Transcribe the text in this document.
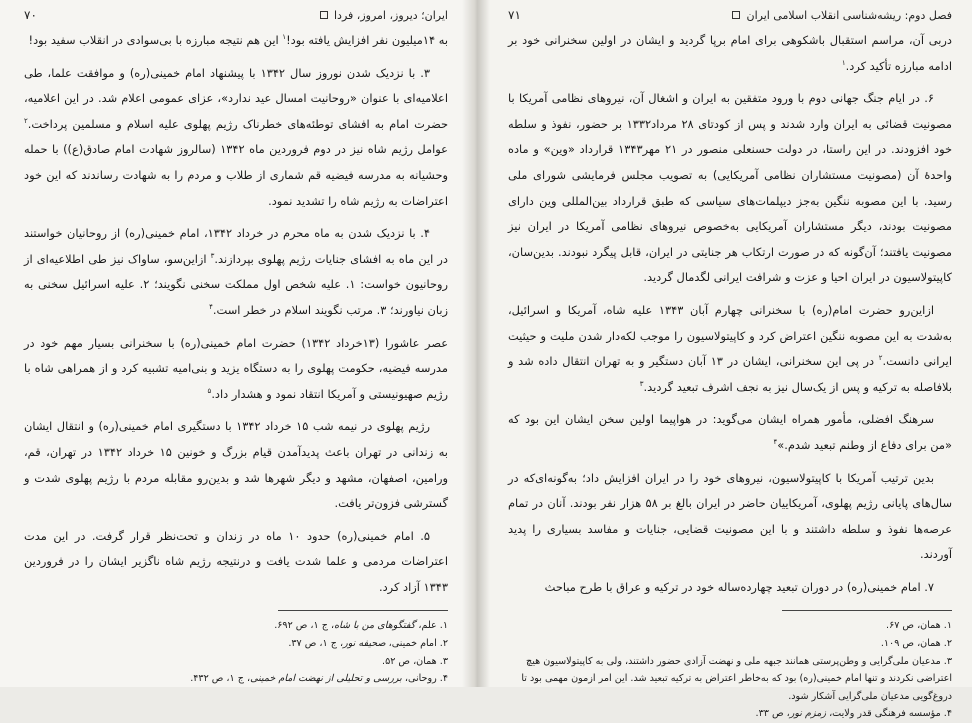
ایران؛ دیروز، امروز، فردا
۷۰

به ۱۴میلیون نفر افزایش یافته بود!$^۱$ این هم نتیجه مبارزه با بی‌سوادی در انقلاب سفید بود!

۳. با نزدیک شدن نوروز سال ۱۳۴۲ با پیشنهاد امام خمینی‌(ره) و موافقت علما، طی اعلامیه‌ای با عنوان «روحانیت امسال عید ندارد»، عزای عمومی اعلام شد. در این اعلامیه، حضرت امام به افشای توطئه‌های خطرناک رژیم پهلوی علیه اسلام و مسلمین پرداخت.$^۲$ عوامل رژیم شاه نیز در دوم فروردین ماه ۱۳۴۲ (سالروز شهادت امام صادق(ع)) با حمله وحشیانه به مدرسه فیضیه قم شماری از طلاب و مردم را به شهادت رساندند که این خود اعتراضات به رژیم شاه را تشدید نمود.

۴. با نزدیک شدن به ماه محرم در خرداد ۱۳۴۲، امام خمینی‌(ره) از روحانیان خواستند در این ماه به افشای جنایات رژیم پهلوی بپردازند.$^۳$ ازاین‌سو، ساواک نیز طی اطلاعیه‌ای از روحانیون خواست: ۱. علیه شخص اول مملکت سخنی نگویند؛ ۲. علیه اسرائیل سخنی به زبان نیاورند؛ ۳. مرتب نگویند اسلام در خطر است.$^۴$

عصر عاشورا (۱۳خرداد ۱۳۴۲) حضرت امام خمینی‌(ره) با سخنرانی بسیار مهم خود در مدرسه فیضیه، حکومت پهلوی را به دستگاه یزید و بنی‌امیه تشبیه کرد و از همراهی شاه با رژیم صهیونیستی و آمریکا انتقاد نمود و هشدار داد.$^۵$

رژیم پهلوی در نیمه شب ۱۵ خرداد ۱۳۴۲ با دستگیری امام خمینی‌(ره) و انتقال ایشان به زندانی در تهران باعث پدیدآمدن قیام بزرگ و خونین ۱۵ خرداد ۱۳۴۲ در تهران، قم، ورامین، اصفهان، مشهد و دیگر شهرها شد و بدین‌رو مقابله مردم با رژیم پهلوی شدت و گسترشی فزون‌تر یافت.

۵. امام خمینی‌(ره) حدود ۱۰ ماه در زندان و تحت‌نظر قرار گرفت. در این مدت اعتراضات مردمی و علما شدت یافت و درنتیجه رژیم شاه ناگزیر ایشان را در فروردین ۱۳۴۳ آزاد کرد.

۱. علم، گفتگوهای من با شاه، ج ۱، ص ۶۹۲.

۲. امام خمینی، صحیفه نور، ج ۱، ص ۳۷.

۳. همان، ص ۵۲.

۴. روحانی، بررسی و تحلیلی از نهضت امام خمینی، ج ۱، ص ۴۳۲.

فصل دوم: ریشه‌شناسی انقلاب اسلامی ایران
۷۱

دربی آن، مراسم استقبال باشکوهی برای امام برپا گردید و ایشان در اولین سخنرانی خود بر ادامه مبارزه تأکید کرد.$^۱$

۶. در ایام جنگ جهانی دوم با ورود متفقین به ایران و اشغال آن، نیروهای نظامی آمریکا با مصونیت قضائی به ایران وارد شدند و پس از کودتای ۲۸ مرداد۱۳۳۲ بر حضور، نفوذ و سلطه خود افزودند. در این راستا، در دولت حسنعلی منصور در ۲۱ مهر۱۳۴۳ قرارداد «وین» و ماده واحدهٔ آن (مصونیت مستشاران نظامی آمریکایی) به تصویب مجلس فرمایشی شورای ملی رسید. با این مصوبه ننگین به‌جز دیپلمات‌های سیاسی که طبق قرارداد بین‌المللی وین دارای مصونیت بودند، دیگر مستشاران آمریکایی به‌خصوص نیروهای نظامی آمریکا در ایران نیز مصونیت یافتند؛ آن‌گونه که در صورت ارتکاب هر جنایتی در ایران، قابل پیگرد نبودند. بدین‌سان، کاپیتولاسیون در ایران احیا و عزت و شرافت ایرانی لگدمال گردید.

ازاین‌رو حضرت امام(ره) با سخنرانی چهارم آبان ۱۳۴۳ علیه شاه، آمریکا و اسرائیل، به‌شدت به این مصوبه ننگین اعتراض کرد و کاپیتولاسیون را موجب لکه‌دار شدن ملیت و حیثیت ایرانی دانست.$^۲$ در پی این سخنرانی، ایشان در ۱۳ آبان دستگیر و به تهران انتقال داده شد و بلافاصله به ترکیه و پس از یک‌سال نیز به نجف اشرف تبعید گردید.$^۳$

سرهنگ افضلی، مأمور همراه ایشان می‌گوید: در هواپیما اولین سخن ایشان این بود که «من برای دفاع از وطنم تبعید شدم.»$^۴$

بدین ترتیب آمریکا با کاپیتولاسیون، نیروهای خود را در ایران افزایش داد؛ به‌گونه‌ای‌که در سال‌های پایانی رژیم پهلوی، آمریکاییان حاضر در ایران بالغ بر ۵۸ هزار نفر بودند. آنان در تمام عرصه‌ها نفوذ و سلطه داشتند و با این مصونیت قضایی، جنایات و مفاسد بسیاری را پدید آوردند.

۷. امام خمینی‌(ره) در دوران تبعید چهارده‌ساله خود در ترکیه و عراق با طرح مباحث

۱. همان، ص ۶۷.

۲. همان، ص ۱۰۹.

۳. مدعیان ملی‌گرایی و وطن‌پرستی همانند جبهه ملی و نهضت آزادی حضور داشتند، ولی به کاپیتولاسیون هیچ اعتراضی نکردند و تنها امام خمینی(ره) بود که به‌خاطر اعتراض به ترکیه تبعید شد. این امر ازمون مهمی بود تا دروغ‌گویی مدعیان ملی‌گرایی آشکار شود.

۴. مؤسسه فرهنگی قدر ولایت، زمزم نور، ص ۳۳.
